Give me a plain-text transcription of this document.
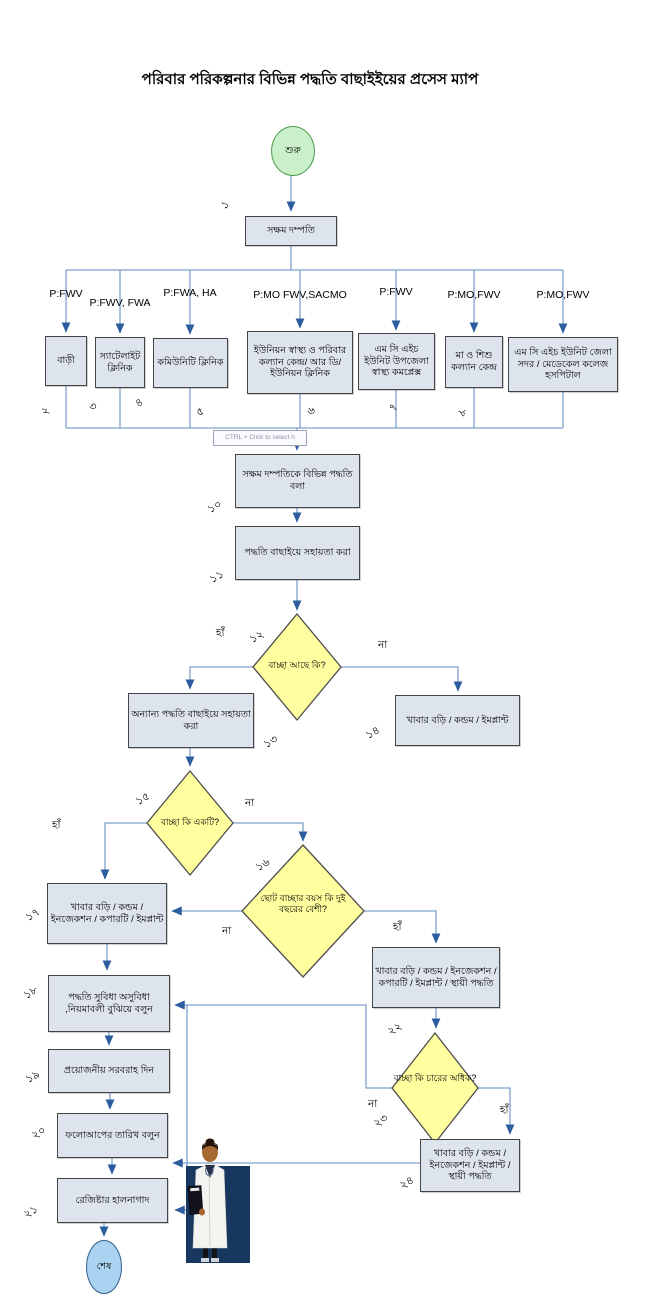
পরিবার পরিকল্পনার বিভিন্ন পদ্ধতি বাছাইইয়ের প্রসেস ম্যাপ
শুরু
শেষ
P:FWV
P:FWV, FWA
P:FWA, HA	P:MO FWV,SACMO	P:FWV	P:MO,FWV	P:MO,FWV
সক্ষম দম্পতি
বাড়ী	স্যাটেলাইট ক্লিনিক	কমিউনিটি ক্লিনিক
ইউনিয়ন স্বাস্থ্য ও পরিবার কল্যান কেন্দ্র/ আর ডি/ ইউনিয়ন ক্লিনিক
এম সি এইচ ইউনিট উপজেলা স্বাস্থ্য কমপ্লেক্স
মা ও শিশু কল্যান কেন্দ্র
এম সি এইচ ইউনিট জেলা সদর / মেডেকেল কলেজ হসপিটাল
সক্ষম দম্পতিকে বিভিন্ন পদ্ধতি বলা
পদ্ধতি বাছাইয়ে সহায়তা করা
অন্যান্য পদ্ধতি বাছাইয়ে সহায়তা করা
খাবার বড়ি / কন্ডম / ইমপ্লান্ট
খাবার বড়ি / কন্ডম / ইনজেকশন / কপারটি / ইমপ্লান্ট
পদ্ধতি সুবিধা অসুবিধা ,নিয়মাবলী বুঝিয়ে বলুন
প্রয়োজনীয় সরবরাহ দিন
ফলোআপের তারিখ বলুন
রেজিষ্টার হালনাগাদ
খাবার বড়ি / কন্ডম / ইনজেকশন / কপারটি / ইমপ্লান্ট / স্থায়ী পদ্ধতি
খাবার বড়ি / কন্ডম / ইনজেকশন / ইমপ্লান্ট / স্থায়ী পদ্ধতি
বাচ্ছা আছে কি?
বাচ্ছা কি একটি?
ছোট বাচ্ছার বয়স কি দুই বছরের বেশী?
বাচ্ছা কি চারের অধিক?
১
২	৩	৪
৫	৬	৭	৮
১০
১১
১২
১৩
১৪
১৫
১৬
১৭
১৮
১৯
২০
২১
২২
২৩
২৪
হাঁ
না
হাঁ
না
না	হাঁ
না	হাঁ
CTRL + Click to select h
